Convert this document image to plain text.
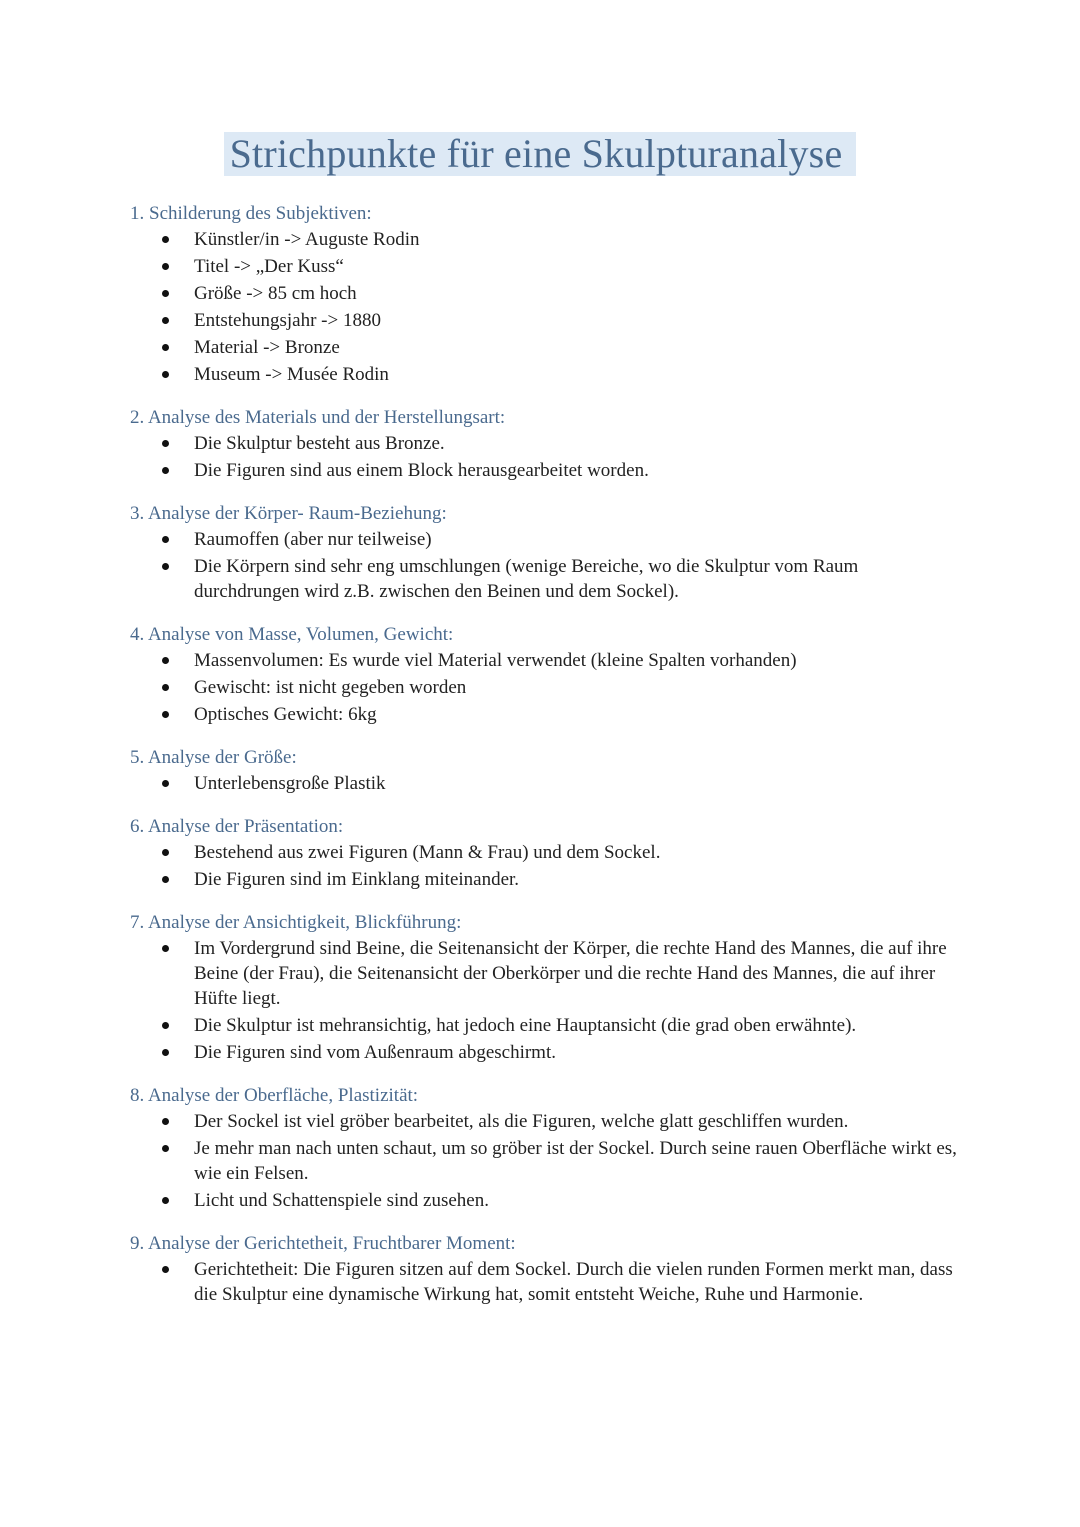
Strichpunkte für eine Skulpturanalyse
1. Schilderung des Subjektiven:
Künstler/in -> Auguste Rodin
Titel -> „Der Kuss“
Größe -> 85 cm hoch
Entstehungsjahr -> 1880
Material -> Bronze
Museum -> Musée Rodin
2. Analyse des Materials und der Herstellungsart:
Die Skulptur besteht aus Bronze.
Die Figuren sind aus einem Block herausgearbeitet worden.
3. Analyse der Körper- Raum-Beziehung:
Raumoffen (aber nur teilweise)
Die Körpern sind sehr eng umschlungen (wenige Bereiche, wo die Skulptur vom Raum durchdrungen wird z.B. zwischen den Beinen und dem Sockel).
4. Analyse von Masse, Volumen, Gewicht:
Massenvolumen: Es wurde viel Material verwendet (kleine Spalten vorhanden)
Gewischt: ist nicht gegeben worden
Optisches Gewicht: 6kg
5. Analyse der Größe:
Unterlebensgroße Plastik
6. Analyse der Präsentation:
Bestehend aus zwei Figuren (Mann & Frau) und dem Sockel.
Die Figuren sind im Einklang miteinander.
7. Analyse der Ansichtigkeit, Blickführung:
Im Vordergrund sind Beine, die Seitenansicht der Körper, die rechte Hand des Mannes, die auf ihre Beine (der Frau), die Seitenansicht der Oberkörper und die rechte Hand des Mannes, die auf ihrer Hüfte liegt.
Die Skulptur ist mehransichtig, hat jedoch eine Hauptansicht (die grad oben erwähnte).
Die Figuren sind vom Außenraum abgeschirmt.
8. Analyse der Oberfläche, Plastizität:
Der Sockel ist viel gröber bearbeitet, als die Figuren, welche glatt geschliffen wurden.
Je mehr man nach unten schaut, um so gröber ist der Sockel. Durch seine rauen Oberfläche wirkt es, wie ein Felsen.
Licht und Schattenspiele sind zusehen.
9. Analyse der Gerichtetheit, Fruchtbarer Moment:
Gerichtetheit: Die Figuren sitzen auf dem Sockel. Durch die vielen runden Formen merkt man, dass die Skulptur eine dynamische Wirkung hat, somit entsteht Weiche, Ruhe und Harmonie.
